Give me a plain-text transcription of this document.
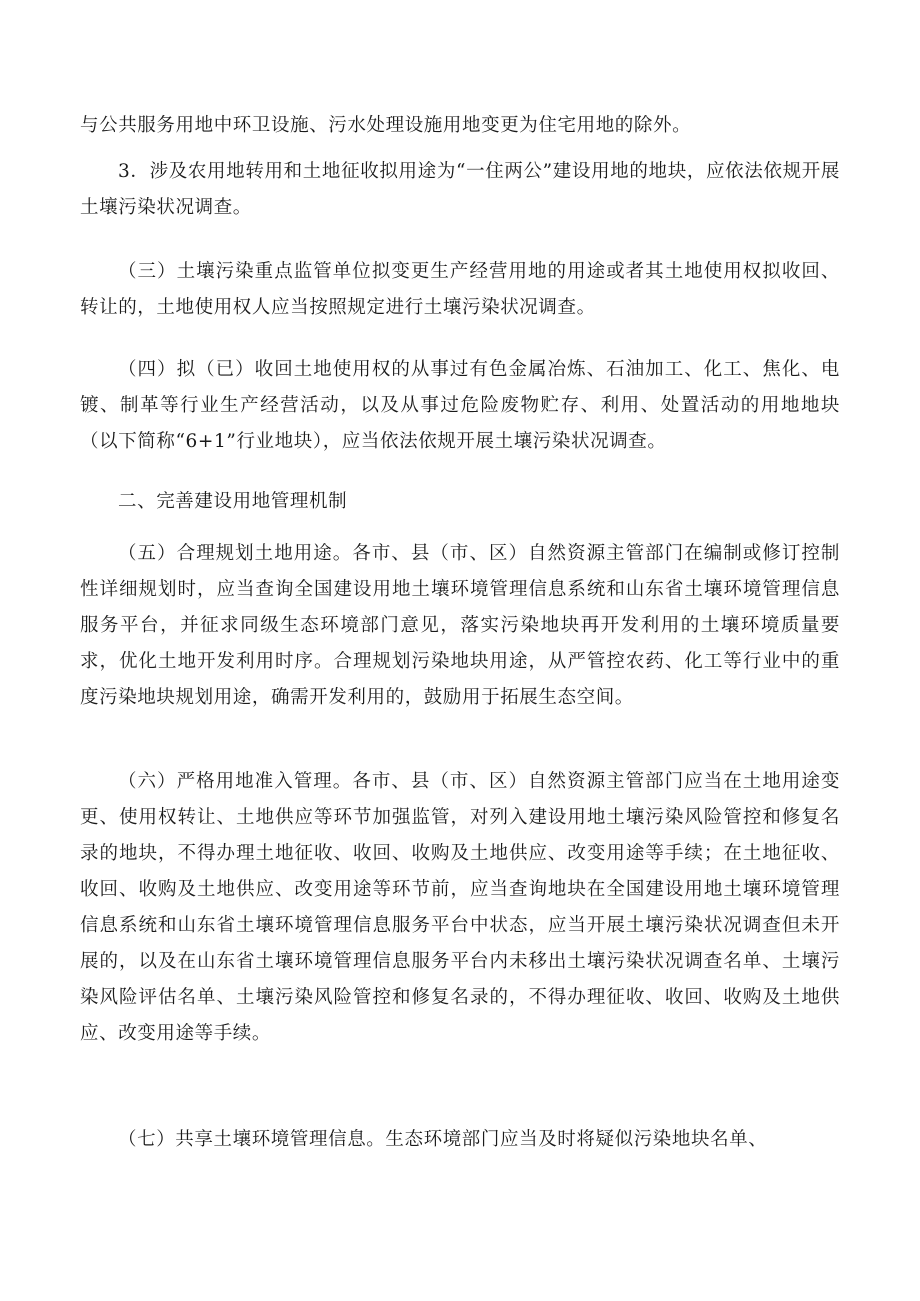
与公共服务用地中环卫设施、污水处理设施用地变更为住宅用地的除外。

3．涉及农用地转用和土地征收拟用途为“一住两公”建设用地的地块，应依法依规开展土壤污染状况调查。

（三）土壤污染重点监管单位拟变更生产经营用地的用途或者其土地使用权拟收回、转让的，土地使用权人应当按照规定进行土壤污染状况调查。

（四）拟（已）收回土地使用权的从事过有色金属冶炼、石油加工、化工、焦化、电镀、制革等行业生产经营活动，以及从事过危险废物贮存、利用、处置活动的用地地块（以下简称“6+1”行业地块），应当依法依规开展土壤污染状况调查。

二、完善建设用地管理机制

（五）合理规划土地用途。各市、县（市、区）自然资源主管部门在编制或修订控制性详细规划时，应当查询全国建设用地土壤环境管理信息系统和山东省土壤环境管理信息服务平台，并征求同级生态环境部门意见，落实污染地块再开发利用的土壤环境质量要求，优化土地开发利用时序。合理规划污染地块用途，从严管控农药、化工等行业中的重度污染地块规划用途，确需开发利用的，鼓励用于拓展生态空间。

（六）严格用地准入管理。各市、县（市、区）自然资源主管部门应当在土地用途变更、使用权转让、土地供应等环节加强监管，对列入建设用地土壤污染风险管控和修复名录的地块，不得办理土地征收、收回、收购及土地供应、改变用途等手续；在土地征收、收回、收购及土地供应、改变用途等环节前，应当查询地块在全国建设用地土壤环境管理信息系统和山东省土壤环境管理信息服务平台中状态，应当开展土壤污染状况调查但未开展的，以及在山东省土壤环境管理信息服务平台内未移出土壤污染状况调查名单、土壤污染风险评估名单、土壤污染风险管控和修复名录的，不得办理征收、收回、收购及土地供应、改变用途等手续。

（七）共享土壤环境管理信息。生态环境部门应当及时将疑似污染地块名单、
